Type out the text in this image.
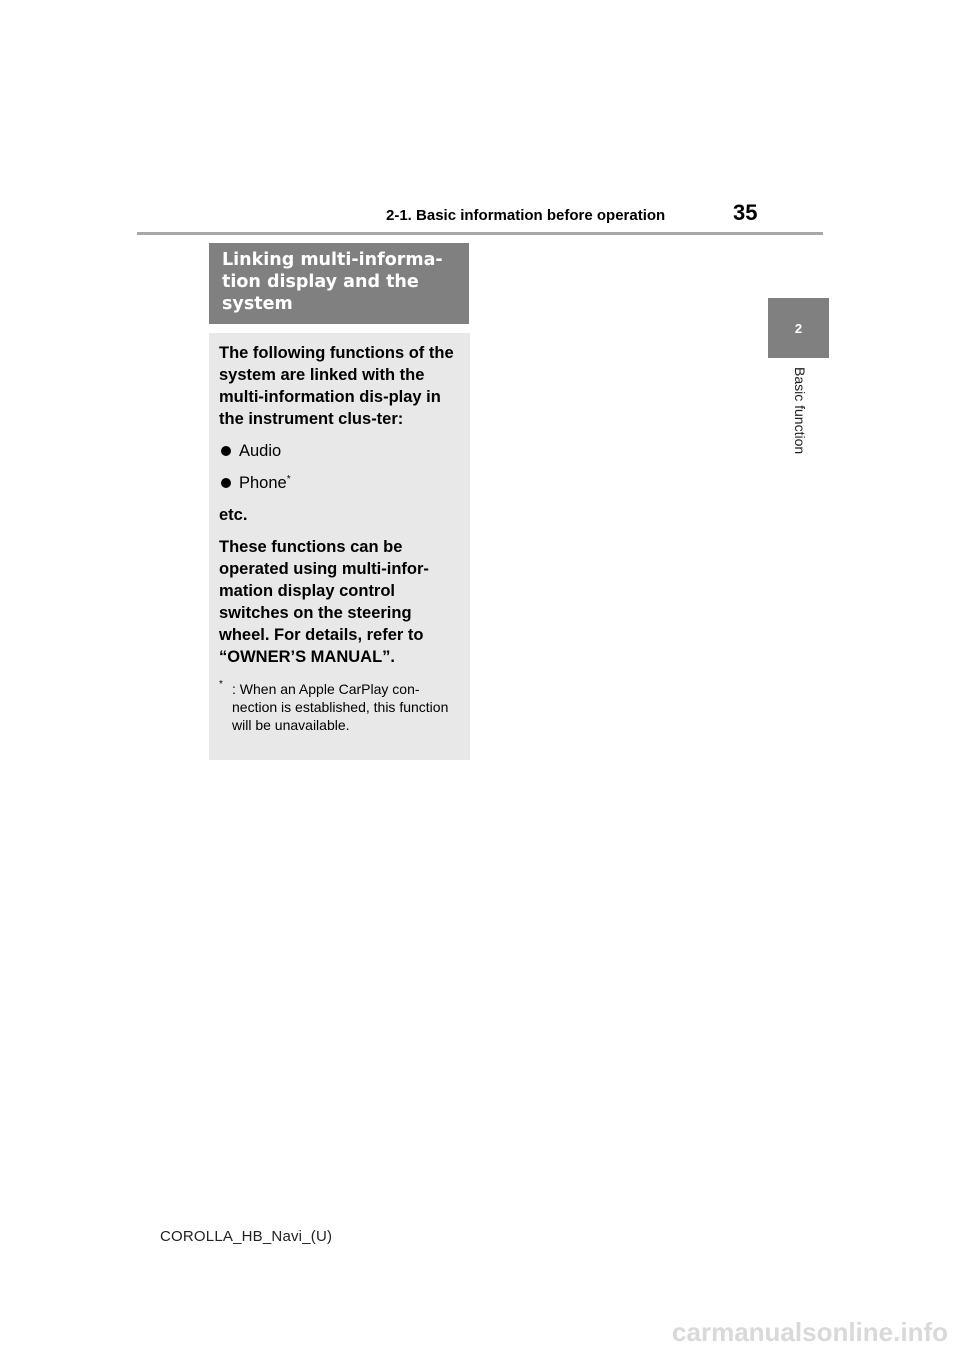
2-1. Basic information before operation	35
2
Basic function
Linking multi-informa-tion display and the system

The following functions of the system are linked with the multi-information dis-play in the instrument clus-ter:

Audio
Phone*

etc.

These functions can be operated using multi-infor-mation display control switches on the steering wheel. For details, refer to “OWNER’S MANUAL”.

* : When an Apple CarPlay con-nection is established, this function will be unavailable.
COROLLA_HB_Navi_(U)
carmanualsonline.info
